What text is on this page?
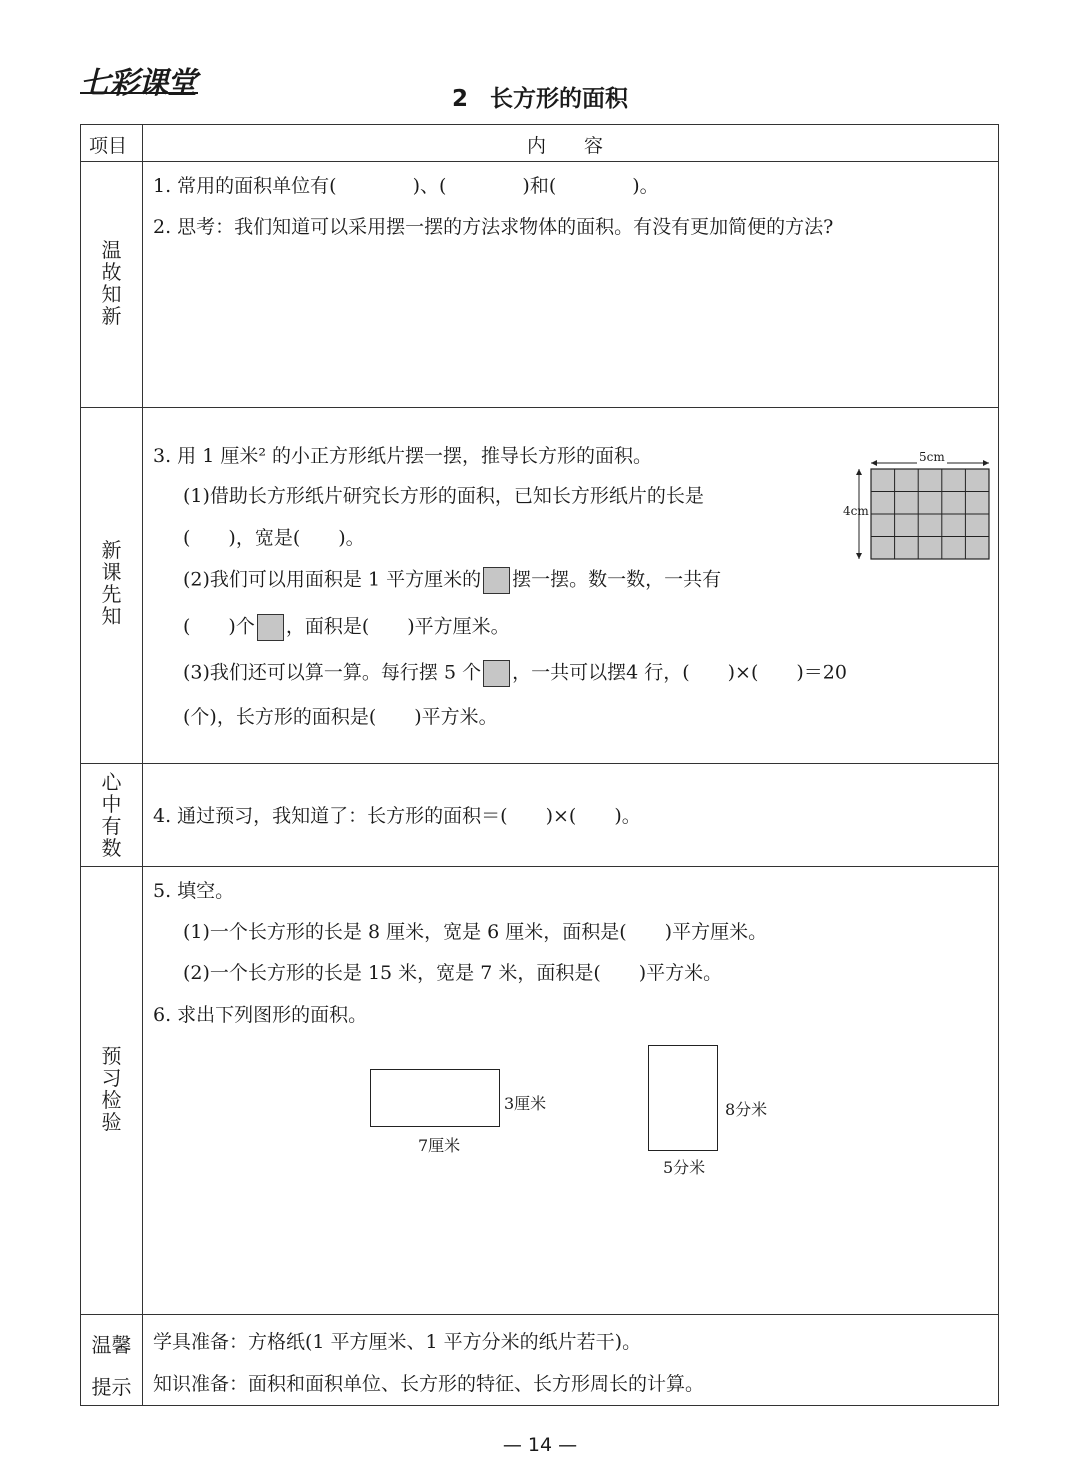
七彩课堂	2 长方形的面积
项目	内　　容
温
故
知
新
新
课
先
知
心
中
有
数
预
习
检
验
温馨
提示
1. 常用的面积单位有(　　　　)、(　　　　)和(　　　　)。
2. 思考：我们知道可以采用摆一摆的方法求物体的面积。有没有更加简便的方法?
3. 用 1 厘米² 的小正方形纸片摆一摆，推导长方形的面积。
(1)借助长方形纸片研究长方形的面积，已知长方形纸片的长是
(　　)，宽是(　　)。
(2)我们可以用面积是 1 平方厘米的 摆一摆。数一数，一共有
(　　)个 ，面积是(　　)平方厘米。
(3)我们还可以算一算。每行摆 5 个 ，一共可以摆4 行，(　　)×(　　)＝20
(个)，长方形的面积是(　　)平方米。
5cm
4cm
4. 通过预习，我知道了：长方形的面积＝(　　)×(　　)。
5. 填空。
(1)一个长方形的长是 8 厘米，宽是 6 厘米，面积是(　　)平方厘米。
(2)一个长方形的长是 15 米，宽是 7 米，面积是(　　)平方米。
6. 求出下列图形的面积。
3厘米
7厘米
8分米
5分米
学具准备：方格纸(1 平方厘米、1 平方分米的纸片若干)。
知识准备：面积和面积单位、长方形的特征、长方形周长的计算。
— 14 —
